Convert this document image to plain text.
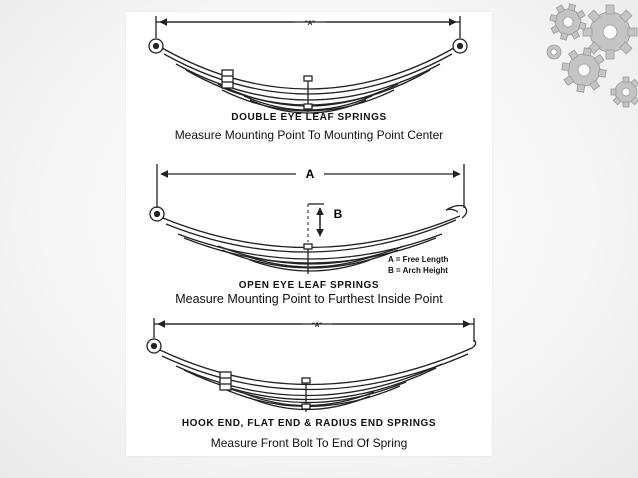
"A"
A
B
"A"
DOUBLE EYE LEAF SPRINGS
Measure Mounting Point To Mounting Point Center
A = Free Length
B = Arch Height
OPEN EYE LEAF SPRINGS
Measure Mounting Point to Furthest Inside Point
HOOK END, FLAT END & RADIUS END SPRINGS
Measure Front Bolt To End Of Spring
